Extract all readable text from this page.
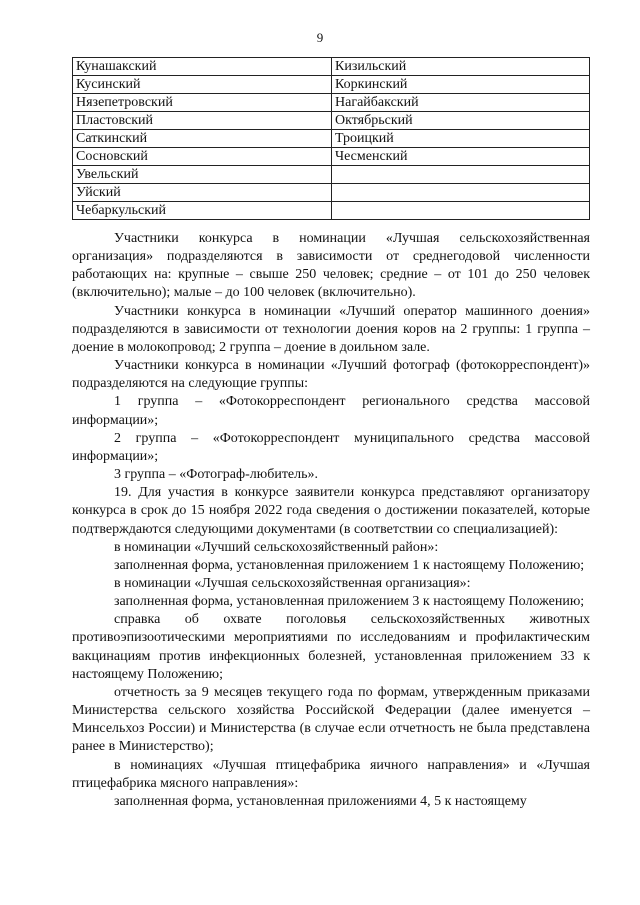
9
Кунашакский	Кизильский
Кусинский	Коркинский
Нязепетровский	Нагайбакский
Пластовский	Октябрьский
Саткинский	Троицкий
Сосновский	Чесменский
Увельский	
Уйский	
Чебаркульский	

Участники конкурса в номинации «Лучшая сельскохозяйственная организация» подразделяются в зависимости от среднегодовой численности работающих на: крупные – свыше 250 человек; средние – от 101 до 250 человек (включительно); малые – до 100 человек (включительно).

Участники конкурса в номинации «Лучший оператор машинного доения» подразделяются в зависимости от технологии доения коров на 2 группы: 1 группа – доение в молокопровод; 2 группа – доение в доильном зале.

Участники конкурса в номинации «Лучший фотограф (фотокорреспондент)» подразделяются на следующие группы:

1 группа – «Фотокорреспондент регионального средства массовой информации»;

2 группа – «Фотокорреспондент муниципального средства массовой информации»;

3 группа – «Фотограф-любитель».

19. Для участия в конкурсе заявители конкурса представляют организатору конкурса в срок до 15 ноября 2022 года сведения о достижении показателей, которые подтверждаются следующими документами (в соответствии со специализацией):

в номинации «Лучший сельскохозяйственный район»:

заполненная форма, установленная приложением 1 к настоящему Положению;

в номинации «Лучшая сельскохозяйственная организация»:

заполненная форма, установленная приложением 3 к настоящему Положению;

справка об охвате поголовья сельскохозяйственных животных противоэпизоотическими мероприятиями по исследованиям и профилактическим вакцинациям против инфекционных болезней, установленная приложением 33 к настоящему Положению;

отчетность за 9 месяцев текущего года по формам, утвержденным приказами Министерства сельского хозяйства Российской Федерации (далее именуется – Минсельхоз России) и Министерства (в случае если отчетность не была представлена ранее в Министерство);

в номинациях «Лучшая птицефабрика яичного направления» и «Лучшая птицефабрика мясного направления»:

заполненная форма, установленная приложениями 4, 5 к настоящему
